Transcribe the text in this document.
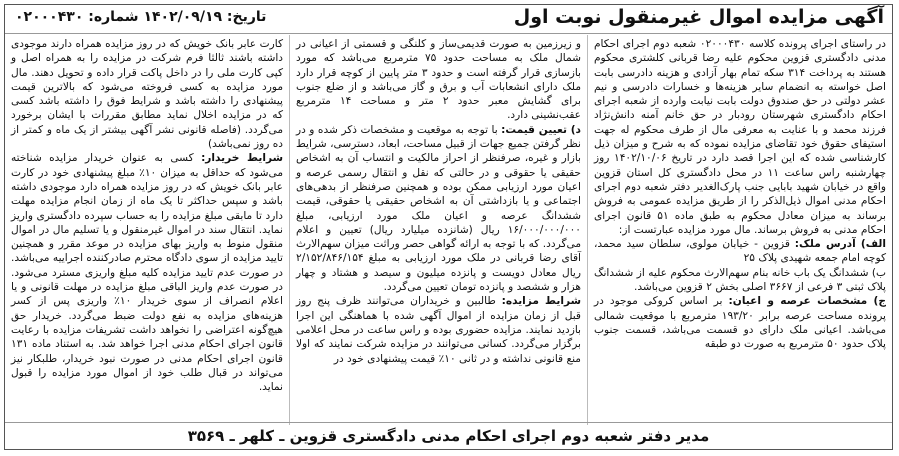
آگهی مزایده اموال غیرمنقول نوبت اول
تاریخ: ۱۴۰۲/۰۹/۱۹ شماره: ۰۲۰۰۰۴۳۰

در راستای اجرای پرونده کلاسه ۰۲۰۰۰۴۳۰ شعبه دوم اجرای احکام مدنی دادگستری قزوین محکوم علیه رضا قربانی کلشتری محکوم هستند به پرداخت ۳۱۴ سکه تمام بهار آزادی و هزینه دادرسی بابت اصل خواسته به انضمام سایر هزینه‌ها و خسارات دادرسی و نیم عشر دولتی در حق صندوق دولت بابت نیابت وارده از شعبه اجرای احکام دادگستری شهرستان رودبار در حق خانم آمنه دانش‌نژاد فرزند محمد و با عنایت به معرفی مال از طرف محکوم له جهت استیفای حقوق خود تقاضای مزایده نموده که به شرح و میزان ذیل کارشناسی شده که این اجرا قصد دارد در تاریخ ۱۴۰۲/۱۰/۰۶ روز چهارشنبه راس ساعت ۱۱ در محل دادگستری کل استان قزوین واقع در خیابان شهید بابایی جنب پارک‌الغدیر دفتر شعبه دوم اجرای احکام مدنی اموال ذیل‌الذکر را از طریق مزایده عمومی به فروش برساند به میزان معادل محکوم به طبق ماده ۵۱ قانون اجرای احکام مدنی به فروش برساند. مال مورد مزایده عبارتست از:

الف) آدرس ملک: قزوین - خیابان مولوی، سلطان سید محمد، کوچه امام جمعه شهیدی پلاک ۲۵

ب) ششدانگ یک باب خانه بنام سهم‌الارث محکوم علیه از ششدانگ پلاک ثبتی ۳ فرعی از ۳۶۶۷ اصلی بخش ۲ قزوین می‌باشد.

ج) مشخصات عرصه و اعیان: بر اساس کروکی موجود در پرونده مساحت عرصه برابر ۱۹۳/۲۰ مترمربع با موقعیت شمالی می‌باشد. اعیانی ملک دارای دو قسمت می‌باشد، قسمت جنوب پلاک حدود ۵۰ مترمربع به صورت دو طبقه

و زیرزمین به صورت قدیمی‌ساز و کلنگی و قسمتی از اعیانی در شمال ملک به مساحت حدود ۷۵ مترمربع می‌باشد که مورد بازسازی قرار گرفته است و حدود ۳ متر پایین از کوچه قرار دارد ملک دارای انشعابات آب و برق و گاز می‌باشد و از ضلع جنوب برای گشایش معبر حدود ۲ متر و مساحت ۱۴ مترمربع عقب‌نشینی دارد.

د) تعیین قیمت: با توجه به موقعیت و مشخصات ذکر شده و در نظر گرفتن جمیع جهات از قبیل مساحت، ابعاد، دسترسی، شرایط بازار و غیره، صرفنظر از احراز مالکیت و انتساب آن به اشخاص حقیقی یا حقوقی و در حالتی که نقل و انتقال رسمی عرصه و اعیان مورد ارزیابی ممکن بوده و همچنین صرفنظر از بدهی‌های اجتماعی و یا بازداشتی آن به اشخاص حقیقی یا حقوقی، قیمت ششدانگ عرصه و اعیان ملک مورد ارزیابی، مبلغ ۱۶/۰۰۰/۰۰۰/۰۰۰ ریال (شانزده میلیارد ریال) تعیین و اعلام می‌گردد. که با توجه به ارائه گواهی حصر وراثت میزان سهم‌الارث آقای رضا قربانی در ملک مورد ارزیابی به مبلغ ۲/۱۵۲/۸۴۶/۱۵۴ ریال معادل دویست و پانزده میلیون و سیصد و هشتاد و چهار هزار و ششصد و پانزده تومان تعیین می‌گردد.

شرایط مزایده: طالبین و خریداران می‌توانند ظرف پنج روز قبل از زمان مزایده از اموال آگهی شده با هماهنگی این اجرا بازدید نمایند. مزایده حضوری بوده و راس ساعت در محل اعلامی برگزار می‌گردد. کسانی می‌توانند در مزایده شرکت نمایند که اولا منع قانونی نداشته و در ثانی ۱۰٪ قیمت پیشنهادی خود در

کارت عابر بانک خویش که در روز مزایده همراه دارند موجودی داشته باشند ثالثا فرم شرکت در مزایده را به همراه اصل و کپی کارت ملی را در داخل پاکت قرار داده و تحویل دهند. مال مورد مزایده به کسی فروخته می‌شود که بالاترین قیمت پیشنهادی را داشته باشد و شرایط فوق را داشته باشد کسی که در مزایده اخلال نماید مطابق مقررات با ایشان برخورد می‌گردد. (فاصله قانونی نشر آگهی بیشتر از یک ماه و کمتر از ده روز نمی‌باشد)

شرایط خریدار: کسی به عنوان خریدار مزایده شناخته می‌شود که حداقل به میزان ۱۰٪ مبلغ پیشنهادی خود در کارت عابر بانک خویش که در روز مزایده همراه دارد موجودی داشته باشد و سپس حداکثر تا یک ماه از زمان انجام مزایده مهلت دارد تا مابقی مبلغ مزایده را به حساب سپرده دادگستری واریز نماید. انتقال سند در اموال غیرمنقول و یا تسلیم مال در اموال منقول منوط به واریز بهای مزایده در موعد مقرر و همچنین تایید مزایده از سوی دادگاه محترم صادرکننده اجراییه می‌باشد. در صورت عدم تایید مزایده کلیه مبلغ واریزی مسترد می‌شود. در صورت عدم واریز الباقی مبلغ مزایده در مهلت قانونی و یا اعلام انصراف از سوی خریدار ۱۰٪ واریزی پس از کسر هزینه‌های مزایده به نفع دولت ضبط می‌گردد. خریدار حق هیچ‌گونه اعتراضی را نخواهد داشت تشریفات مزایده با رعایت قانون اجرای احکام مدنی اجرا خواهد شد. به استناد ماده ۱۳۱ قانون اجرای احکام مدنی در صورت نبود خریدار، طلبکار نیز می‌تواند در قبال طلب خود از اموال مورد مزایده را قبول نماید.

مدیر دفتر شعبه دوم اجرای احکام مدنی دادگستری قزوین ـ کلهر ـ ۳۵۶۹
